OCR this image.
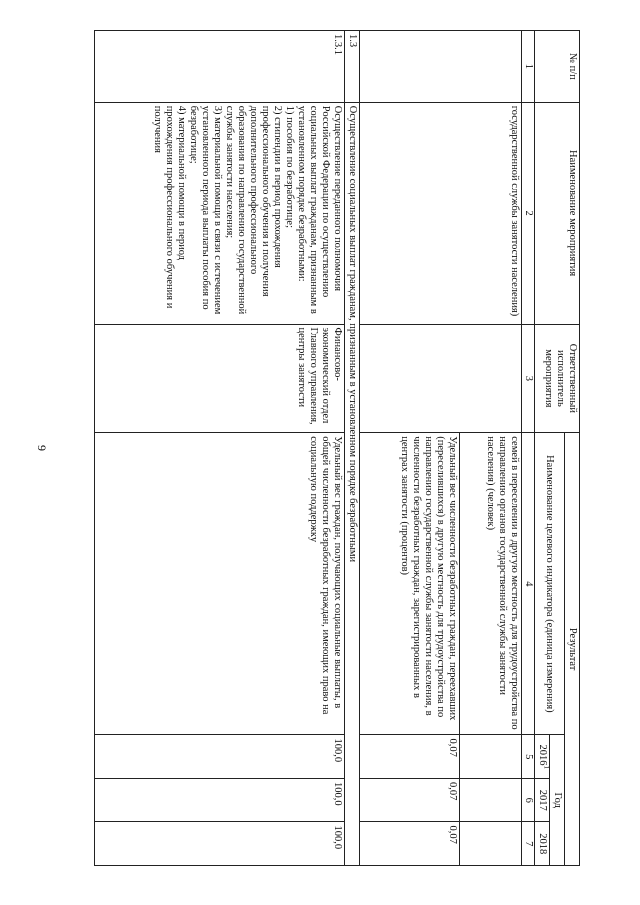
9
№ п/п	Наименование мероприятия	Ответственный исполнитель мероприятия	Результат			
			Наименование целевого индикатора (единица измерения)	Год		
				2016$^1$	2017	2018
1	2	3	4	5	6	7
	государственной службы занятости населения)		семей в переселении в другую местность для трудоустройства по направлению органов государственной службы занятости населения) (человек)			
			Удельный вес численности безработных граждан, переехавших (переселившихся) в другую местность для трудоустройства по направлению государственной службы занятости населения, в численности безработных граждан, зарегистрированных в центрах занятости (процентов)	0,07	0,07	0,07
1.3	Осуществление социальных выплат гражданам, признанным в установленном порядке безработными					
1.3.1	Осуществление переданного полномочия Российской Федерации по осуществлению социальных выплат гражданам, признанным в установленном порядке безработными:
1) пособия по безработице;
2) стипендии в период прохождения профессионального обучения и получения дополнительного профессионального образования по направлению государственной службы занятости населения;
3) материальной помощи в связи с истечением установленного периода выплаты пособия по безработице;
4) материальной помощи в период прохождения профессионального обучения и получения	Финансово-экономический отдел Главного управления, центры занятости	Удельный вес граждан, получающих социальные выплаты, в общей численности безработных граждан, имеющих право на социальную поддержку	100,0	100,0	100,0
